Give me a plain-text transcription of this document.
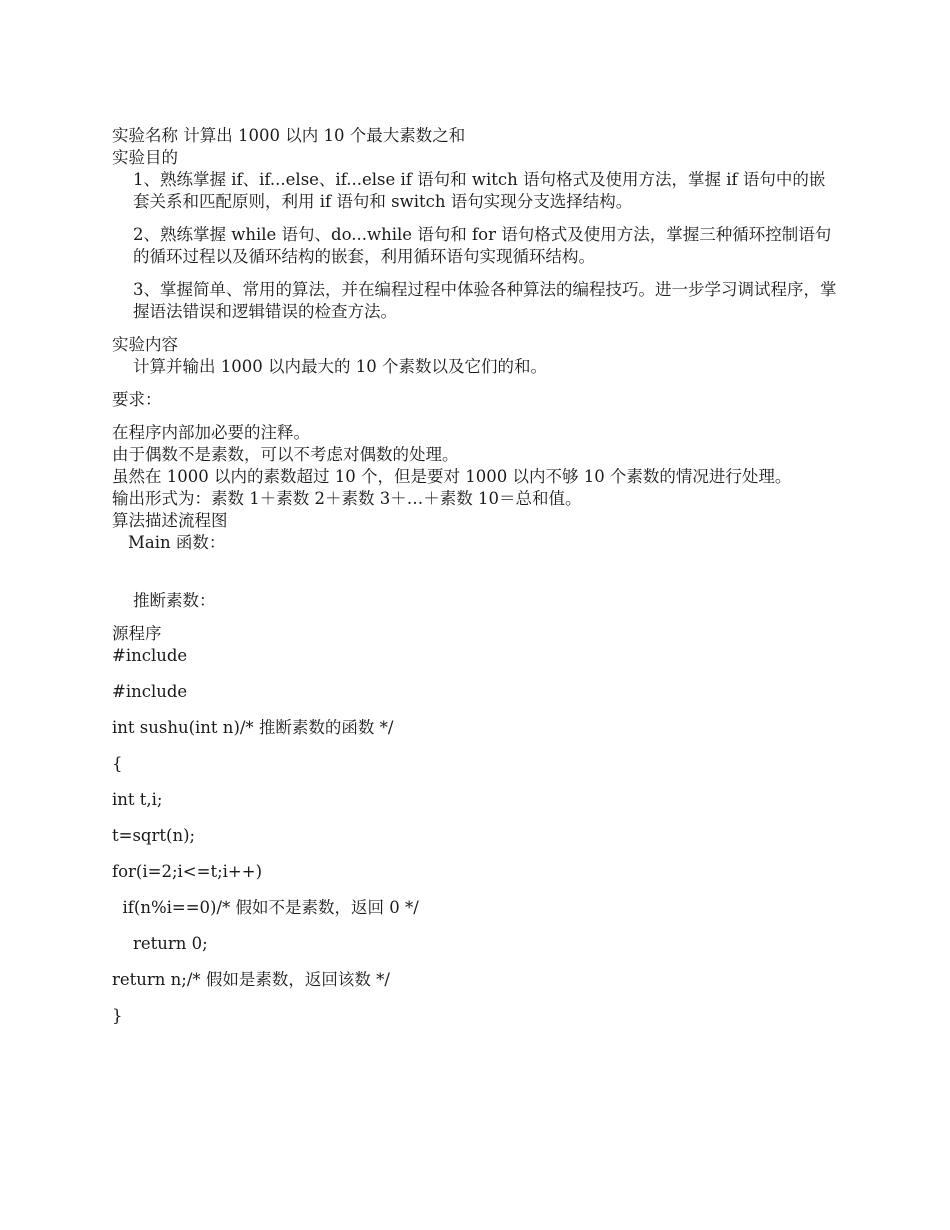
实验名称 计算出 1000 以内 10 个最大素数之和
实验目的
1、熟练掌握 if、if...else、if...else if 语句和 witch 语句格式及使用方法，掌握 if 语句中的嵌套关系和匹配原则，利用 if 语句和 switch 语句实现分支选择结构。
2、熟练掌握 while 语句、do...while 语句和 for 语句格式及使用方法，掌握三种循环控制语句的循环过程以及循环结构的嵌套，利用循环语句实现循环结构。
3、掌握简单、常用的算法，并在编程过程中体验各种算法的编程技巧。进一步学习调试程序，掌握语法错误和逻辑错误的检查方法。
实验内容
计算并输出 1000 以内最大的 10 个素数以及它们的和。
要求：
在程序内部加必要的注释。
由于偶数不是素数，可以不考虑对偶数的处理。
虽然在 1000 以内的素数超过 10 个，但是要对 1000 以内不够 10 个素数的情况进行处理。
输出形式为：素数 1＋素数 2＋素数 3＋…＋素数 10＝总和值。
算法描述流程图
Main 函数：
推断素数：
源程序
#include
#include
int sushu(int n)/* 推断素数的函数 */
{
int t,i;
t=sqrt(n);
for(i=2;i<=t;i++)
if(n%i==0)/* 假如不是素数，返回 0 */
return 0;
return n;/* 假如是素数，返回该数 */
}
